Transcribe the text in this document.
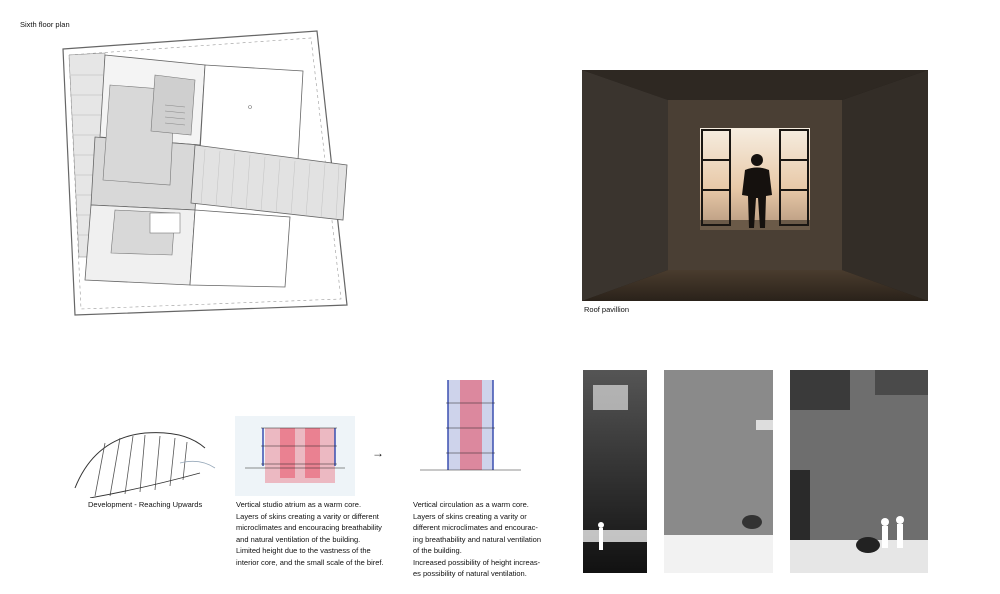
Sixth floor plan
Roof pavillion
Development - Reaching Upwards	Vertical studio atrium as a warm core.
Layers of skins creating a varity or different
microclimates and encouracing breathability
and natural ventilation of the building.
Limited height due to the vastness of the
interior core, and the small scale of the biref.
→
Vertical circulation as a warm core.
Layers of skins creating a varity or
different microclimates and encourac-
ing breathability and natural ventilation
of the building.
Increased possibility of height increas-
es possibility of natural ventilation.
